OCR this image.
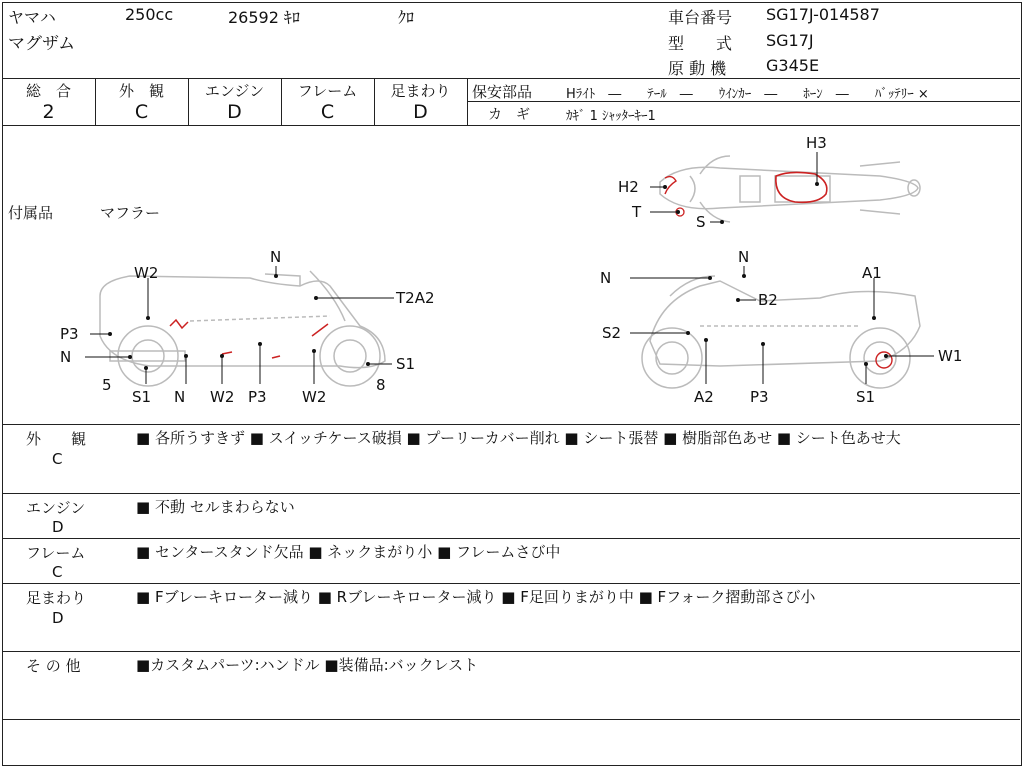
ヤマハ	250cc	26592 ｷﾛ	ｸﾛ
マグザム
車台番号 SG17J-014587
型　　式 SG17J
原 動 機 G345E
総　合
2
外　観
C
エンジン
D
フレーム
C
足まわり
D
保安部品	Hﾗｲﾄ　―　　ﾃｰﾙ　―　　ｳｲﾝｶｰ　―　　ﾎｰﾝ　―　　ﾊﾞｯﾃﾘｰ ×
カ　ギ	ｶｷﾞ 1 ｼｬｯﾀｰｷｰ1
付属品	マフラー
H3
H2
T
S
W2
N
T2A2
P3
N	S1
5	8
S1 N W2 P3 W2
N
N
A1
B2
S2
W1
A2 P3	S1
外　　観
C
■ 各所うすきず ■ スイッチケース破損 ■ プーリーカバー削れ ■ シート張替 ■ 樹脂部色あせ ■ シート色あせ大
エンジン
D
■ 不動 セルまわらない
フレーム
C
■ センタースタンド欠品 ■ ネックまがり小 ■ フレームさび中
足まわり
D
■ Fブレーキローター減り ■ Rブレーキローター減り ■ F足回りまがり中 ■ Fフォーク摺動部さび小
そ の 他	■カスタムパーツ:ハンドル ■装備品:バックレスト
